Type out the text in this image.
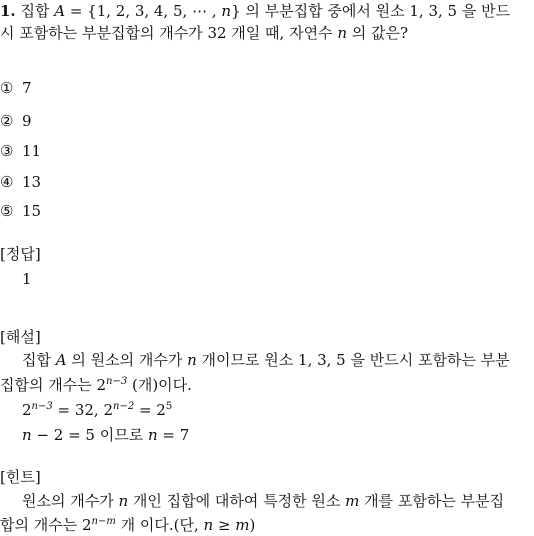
1. 집합 A = {1, 2, 3, 4, 5, ⋯ , n} 의 부분집합 중에서 원소 1, 3, 5 을 반드
시 포함하는 부분집합의 개수가 32 개일 때, 자연수 n 의 값은?
① 7
② 9
③ 11
④ 13
⑤ 15
[정답]
1
[해설]
집합 A 의 원소의 개수가 n 개이므로 원소 1, 3, 5 을 반드시 포함하는 부분
집합의 개수는 $2^{n-3}$ (개)이다.
$2^{n-3} = 32$, $2^{n-2} = 2^5$
n − 2 = 5 이므로 n = 7
[힌트]
원소의 개수가 n 개인 집합에 대하여 특정한 원소 m 개를 포함하는 부분집
합의 개수는 $2^{n-m}$ 개 이다.(단, n ≥ m)
